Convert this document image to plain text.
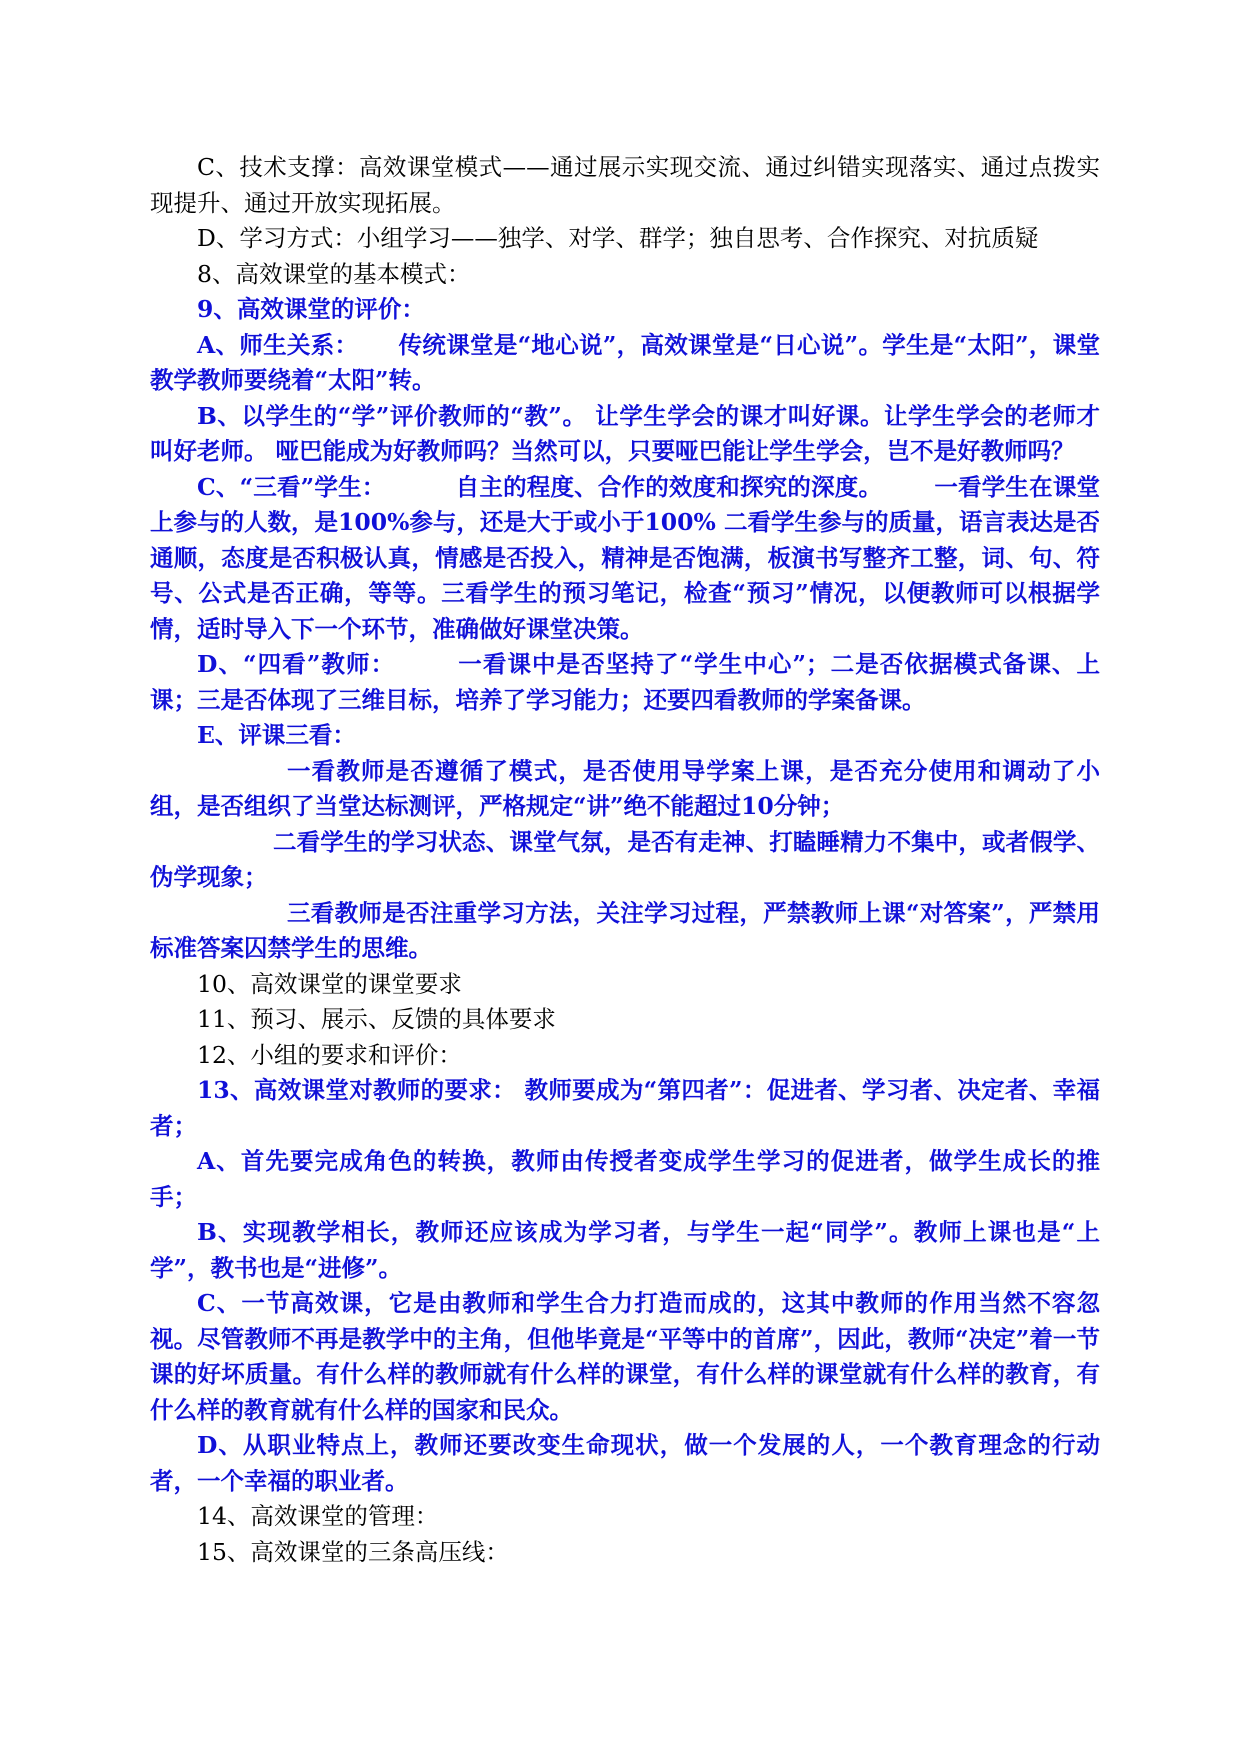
C、技术支撑：高效课堂模式——通过展示实现交流、通过纠错实现落实、通过点拨实现提升、通过开放实现拓展。

D、学习方式：小组学习——独学、对学、群学；独自思考、合作探究、对抗质疑

8、高效课堂的基本模式：

9、高效课堂的评价：

A、师生关系： 传统课堂是“地心说”，高效课堂是“日心说”。学生是“太阳”，课堂教学教师要绕着“太阳”转。

B、以学生的“学”评价教师的“教”。 让学生学会的课才叫好课。让学生学会的老师才叫好老师。 哑巴能成为好教师吗？当然可以，只要哑巴能让学生学会，岂不是好教师吗？

C、“三看”学生：	自主的程度、合作的效度和探究的深度。 一看学生在课堂上参与的人数，是100%参与，还是大于或小于100% 二看学生参与的质量，语言表达是否通顺，态度是否积极认真，情感是否投入，精神是否饱满，板演书写整齐工整，词、句、符号、公式是否正确，等等。三看学生的预习笔记，检查“预习”情况，以便教师可以根据学情，适时导入下一个环节，准确做好课堂决策。

D、“四看”教师：	一看课中是否坚持了“学生中心”；二是否依据模式备课、上课；三是否体现了三维目标，培养了学习能力；还要四看教师的学案备课。

E、评课三看：

一看教师是否遵循了模式，是否使用导学案上课，是否充分使用和调动了小组，是否组织了当堂达标测评，严格规定“讲”绝不能超过10分钟；

二看学生的学习状态、课堂气氛，是否有走神、打瞌睡精力不集中，或者假学、伪学现象；

三看教师是否注重学习方法，关注学习过程，严禁教师上课“对答案”，严禁用标准答案囚禁学生的思维。

10、高效课堂的课堂要求

11、预习、展示、反馈的具体要求

12、小组的要求和评价：

13、高效课堂对教师的要求： 教师要成为“第四者”：促进者、学习者、决定者、幸福者；

A、首先要完成角色的转换，教师由传授者变成学生学习的促进者，做学生成长的推手；

B、实现教学相长，教师还应该成为学习者，与学生一起“同学”。教师上课也是“上学”，教书也是“进修”。

C、一节高效课，它是由教师和学生合力打造而成的，这其中教师的作用当然不容忽视。尽管教师不再是教学中的主角，但他毕竟是“平等中的首席”，因此，教师“决定”着一节课的好坏质量。有什么样的教师就有什么样的课堂，有什么样的课堂就有什么样的教育，有什么样的教育就有什么样的国家和民众。

D、从职业特点上，教师还要改变生命现状，做一个发展的人，一个教育理念的行动者，一个幸福的职业者。

14、高效课堂的管理：

15、高效课堂的三条高压线：
